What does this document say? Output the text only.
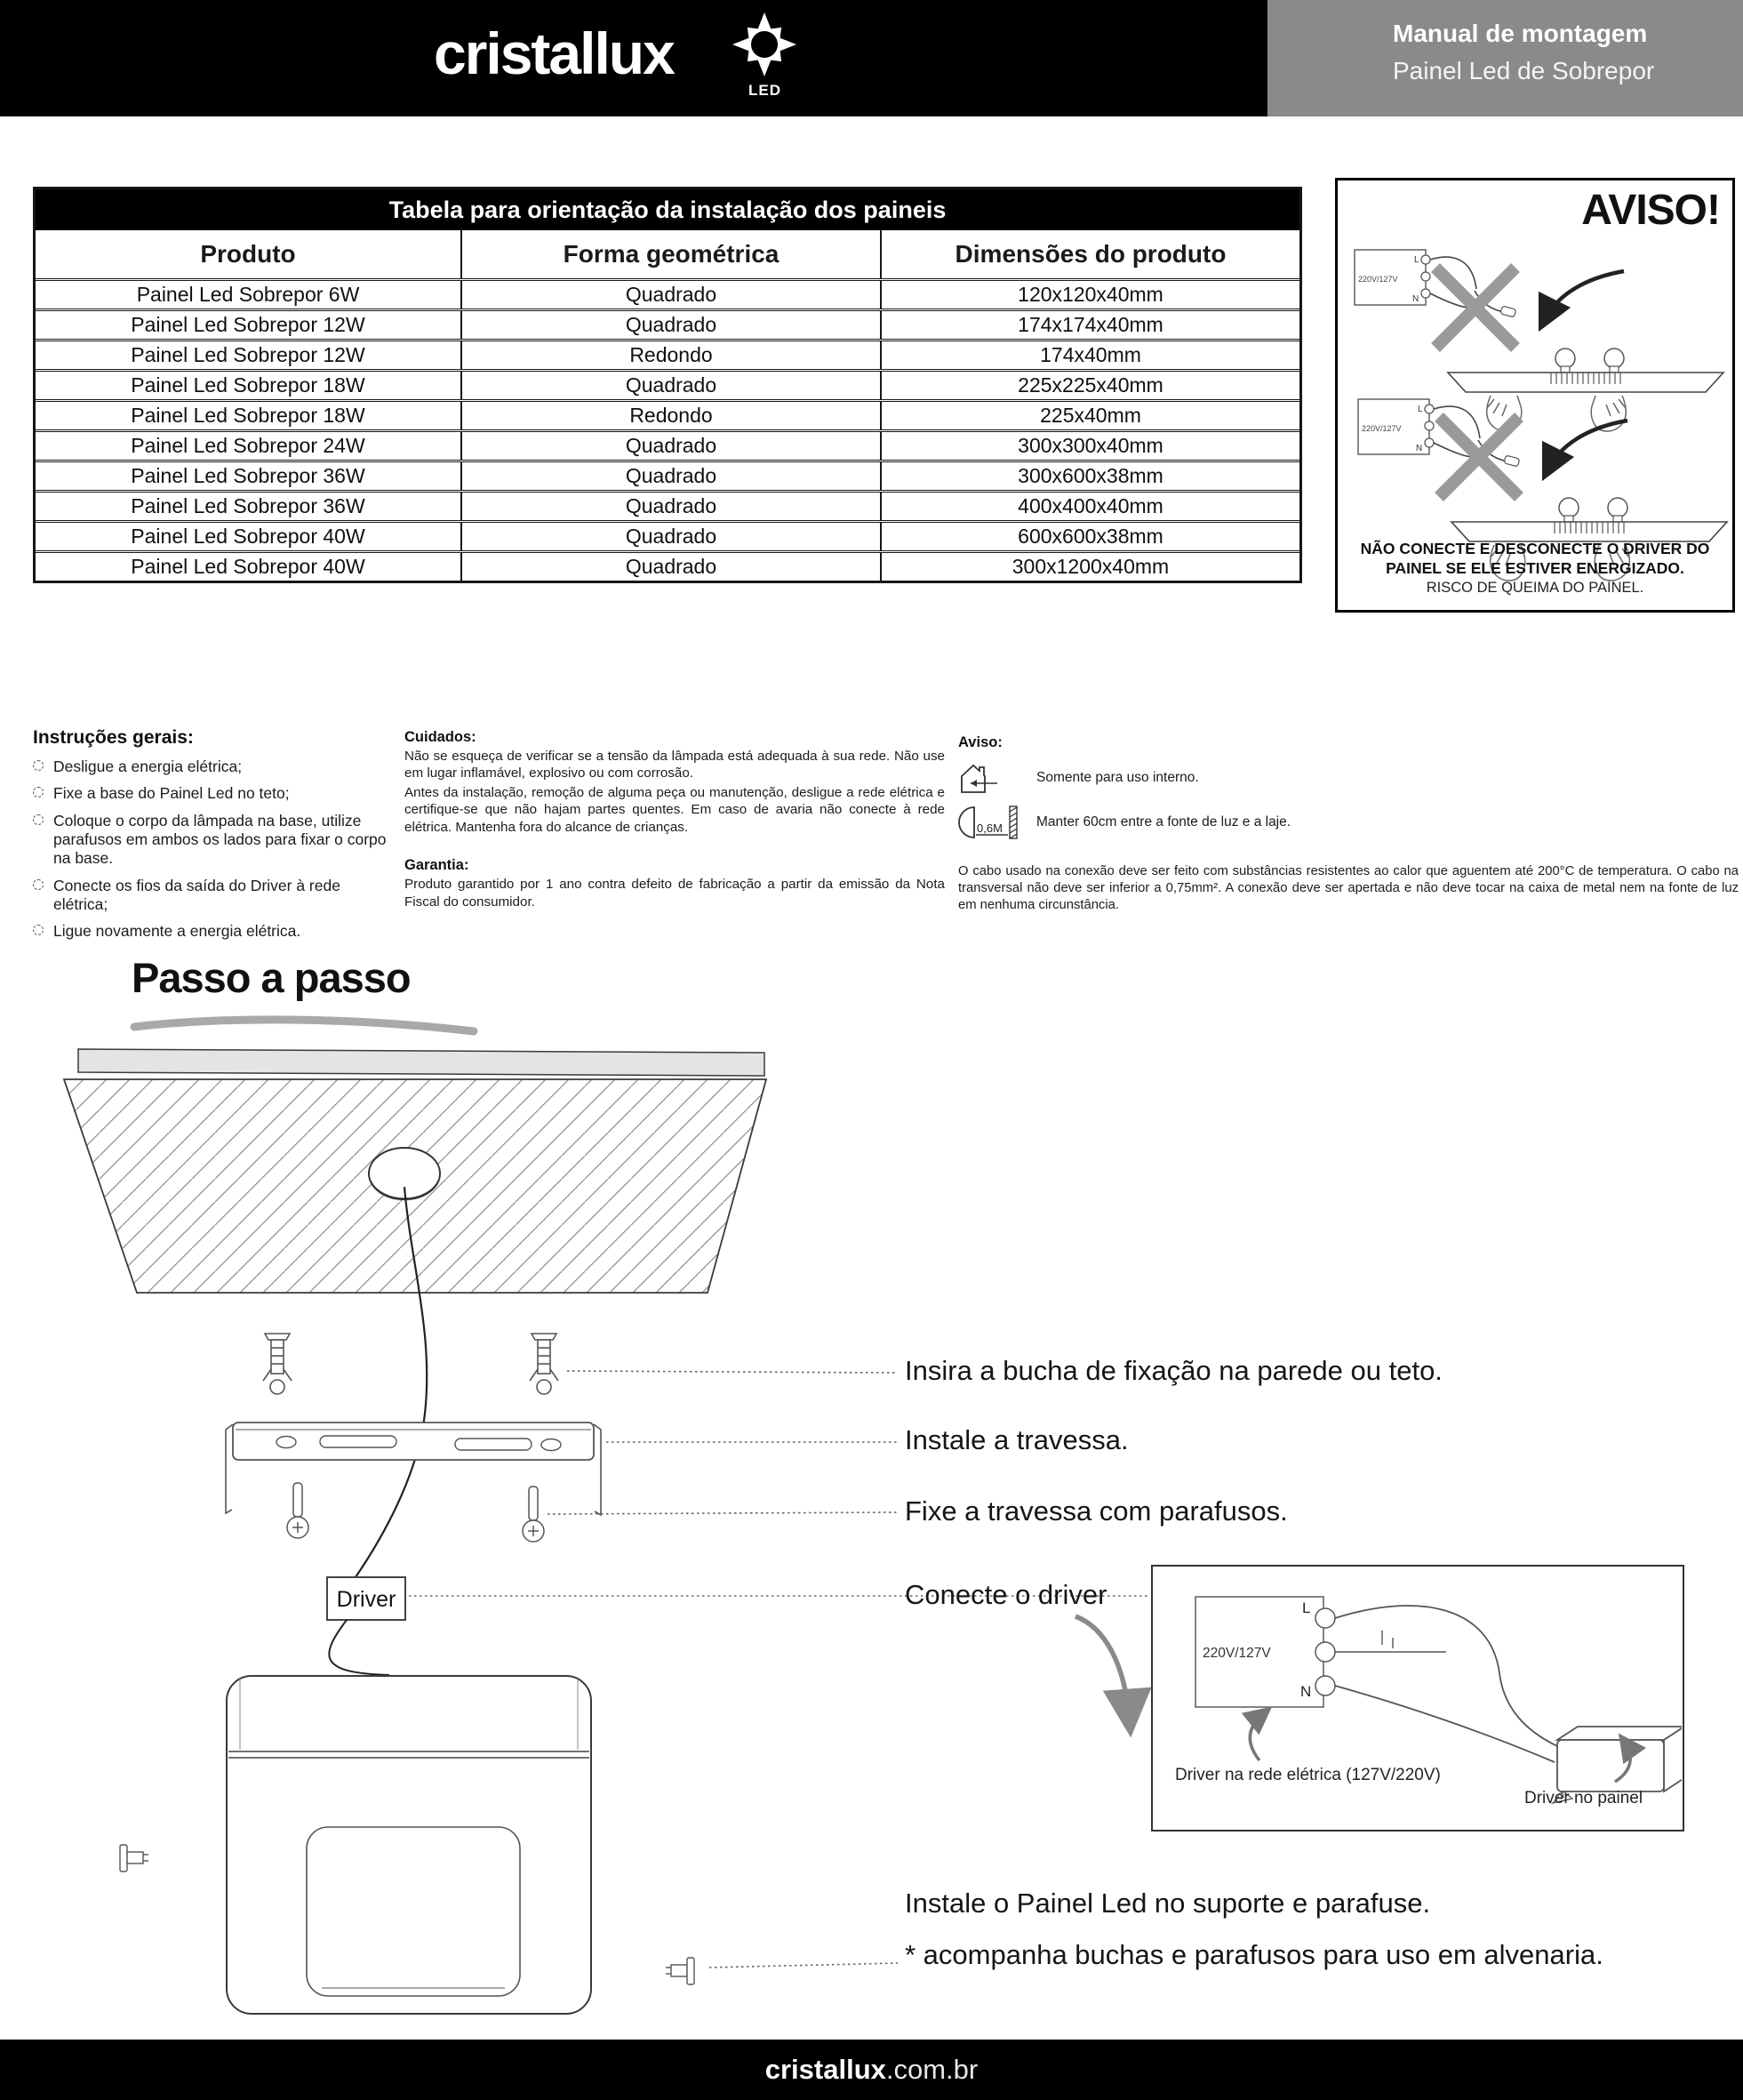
cristallux
LED
Manual de montagem
Painel Led de Sobrepor
Tabela para orientação da instalação dos paineis
Produto	Forma geométrica	Dimensões do produto
Painel Led Sobrepor 6W	Quadrado	120x120x40mm
Painel Led Sobrepor 12W	Quadrado	174x174x40mm
Painel Led Sobrepor 12W	Redondo	174x40mm
Painel Led Sobrepor 18W	Quadrado	225x225x40mm
Painel Led Sobrepor 18W	Redondo	225x40mm
Painel Led Sobrepor 24W	Quadrado	300x300x40mm
Painel Led Sobrepor 36W	Quadrado	300x600x38mm
Painel Led Sobrepor 36W	Quadrado	400x400x40mm
Painel Led Sobrepor 40W	Quadrado	600x600x38mm
Painel Led Sobrepor 40W	Quadrado	300x1200x40mm
AVISO!
220V/127V
L
N
NÃO CONECTE E DESCONECTE O DRIVER DO
PAINEL SE ELE ESTIVER ENERGIZADO.
RISCO DE QUEIMA DO PAINEL.
Instruções gerais:
Desligue a energia elétrica;
Fixe a base do Painel Led no teto;
Coloque o corpo da lâmpada na base, utilize parafusos em ambos os lados para fixar o corpo na base.
Conecte os fios da saída do Driver à rede elétrica;
Ligue novamente a energia elétrica.
Cuidados:

Não se esqueça de verificar se a tensão da lâmpada está adequada à sua rede. Não use em lugar inflamável, explosivo ou com corrosão.

Antes da instalação, remoção de alguma peça ou manutenção, desligue a rede elétrica e certifique-se que não hajam partes quentes. Em caso de avaria não conecte à rede elétrica. Mantenha fora do alcance de crianças.

Garantia:

Produto garantido por 1 ano contra defeito de fabricação a partir da emissão da Nota Fiscal do consumidor.

Aviso:
Somente para uso interno.
0,6M Manter 60cm entre a fonte de luz e a laje.
O cabo usado na conexão deve ser feito com substâncias resistentes ao calor que aguentem até 200°C de temperatura. O cabo na transversal não deve ser inferior a 0,75mm². A conexão deve ser apertada e não deve tocar na caixa de metal nem na fonte de luz em nenhuma circunstância.
Passo a passo
Driver
Insira a bucha de fixação na parede ou teto.
Instale a travessa.
Fixe a travessa com parafusos.
Conecte o driver
Instale o Painel Led no suporte e parafuse.
* acompanha buchas e parafusos para uso em alvenaria.
220V/127V
L
N
Driver na rede elétrica (127V/220V)
Driver no painel
cristallux .com.br
